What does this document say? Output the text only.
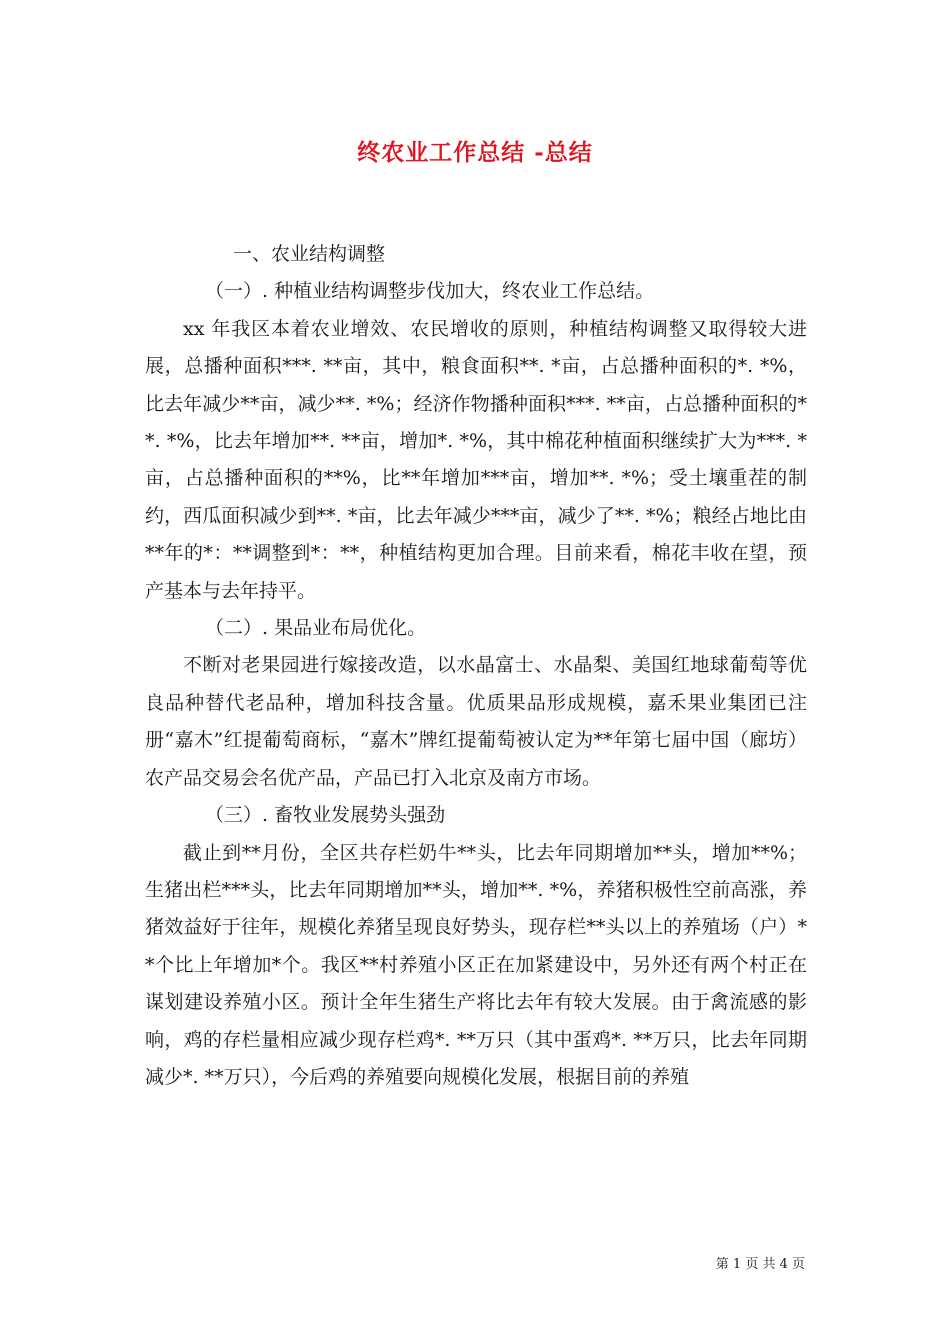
终农业工作总结 -总结

一、农业结构调整

（一）. 种植业结构调整步伐加大，终农业工作总结。

xx 年我区本着农业增效、农民增收的原则，种植结构调整又取得较大进展，总播种面积***. **亩，其中，粮食面积**. *亩，占总播种面积的*. *%，比去年减少**亩，减少**. *%；经济作物播种面积***. **亩，占总播种面积的**. *%，比去年增加**. **亩，增加*. *%，其中棉花种植面积继续扩大为***. *亩，占总播种面积的**%，比**年增加***亩，增加**. *%；受土壤重茬的制约，西瓜面积减少到**. *亩，比去年减少***亩，减少了**. *%；粮经占地比由**年的*：**调整到*：**，种植结构更加合理。目前来看，棉花丰收在望，预产基本与去年持平。

（二）. 果品业布局优化。

不断对老果园进行嫁接改造，以水晶富士、水晶梨、美国红地球葡萄等优良品种替代老品种，增加科技含量。优质果品形成规模，嘉禾果业集团已注册“嘉木”红提葡萄商标，“嘉木”牌红提葡萄被认定为**年第七届中国（廊坊）农产品交易会名优产品，产品已打入北京及南方市场。

（三）. 畜牧业发展势头强劲

截止到**月份，全区共存栏奶牛**头，比去年同期增加**头，增加**%；生猪出栏***头，比去年同期增加**头，增加**. *%，养猪积极性空前高涨，养猪效益好于往年，规模化养猪呈现良好势头，现存栏**头以上的养殖场（户）**个比上年增加*个。我区**村养殖小区正在加紧建设中，另外还有两个村正在谋划建设养殖小区。预计全年生猪生产将比去年有较大发展。由于禽流感的影响，鸡的存栏量相应减少现存栏鸡*. **万只（其中蛋鸡*. **万只，比去年同期减少*. **万只），今后鸡的养殖要向规模化发展，根据目前的养殖

第 1 页 共 4 页
